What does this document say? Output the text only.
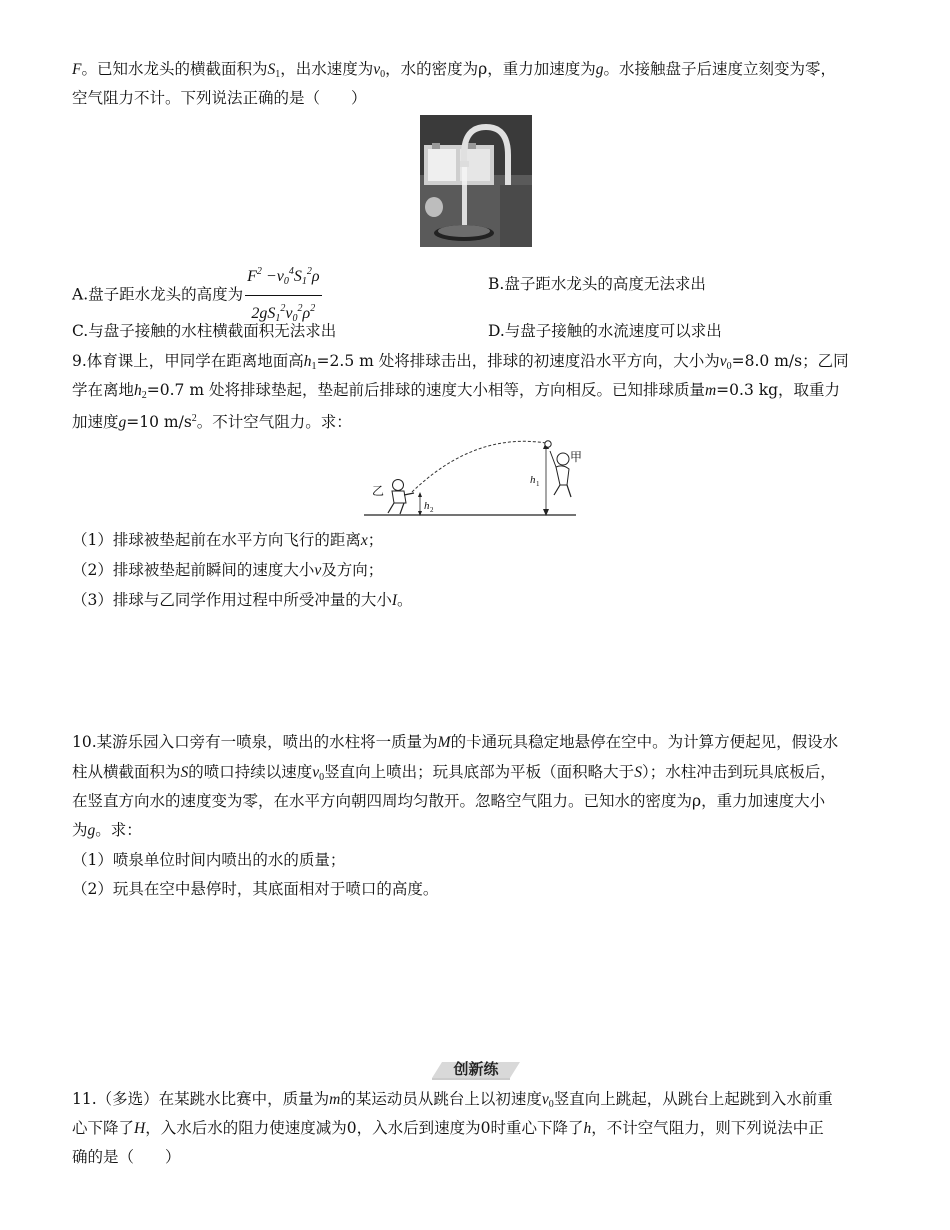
F。已知水龙头的横截面积为$S_1$，出水速度为$v_0$，水的密度为ρ，重力加速度为g。水接触盘子后速度立刻变为零，
空气阻力不计。下列说法正确的是（　　）
A.盘子距水龙头的高度为 $\frac{F^2 -v0^4S1^2\rho}{2gS1^2v0^2\rho^2}$	B.盘子距水龙头的高度无法求出
C.与盘子接触的水柱横截面积无法求出	D.与盘子接触的水流速度可以求出
9.体育课上，甲同学在距离地面高$h_1=2.5$ m 处将排球击出，排球的初速度沿水平方向，大小为$v_0=8.0$ m/s；乙同
学在离地$h_2=0.7$ m 处将排球垫起，垫起前后排球的速度大小相等，方向相反。已知排球质量m=0.3 kg，取重力
加速度g=10 $m/s^2$。不计空气阻力。求：
甲
乙
h 1
h 2
（1）排球被垫起前在水平方向飞行的距离x；
（2）排球被垫起前瞬间的速度大小v及方向；
（3）排球与乙同学作用过程中所受冲量的大小I。
10.某游乐园入口旁有一喷泉，喷出的水柱将一质量为M的卡通玩具稳定地悬停在空中。为计算方便起见，假设水
柱从横截面积为S的喷口持续以速度$v_0$竖直向上喷出；玩具底部为平板（面积略大于S）；水柱冲击到玩具底板后，
在竖直方向水的速度变为零，在水平方向朝四周均匀散开。忽略空气阻力。已知水的密度为ρ，重力加速度大小
为g。求：
（1）喷泉单位时间内喷出的水的质量；
（2）玩具在空中悬停时，其底面相对于喷口的高度。
创新练
11.（多选）在某跳水比赛中，质量为m的某运动员从跳台上以初速度$v_0$竖直向上跳起，从跳台上起跳到入水前重
心下降了H，入水后水的阻力使速度减为0，入水后到速度为0时重心下降了h，不计空气阻力，则下列说法中正
确的是（　　）
